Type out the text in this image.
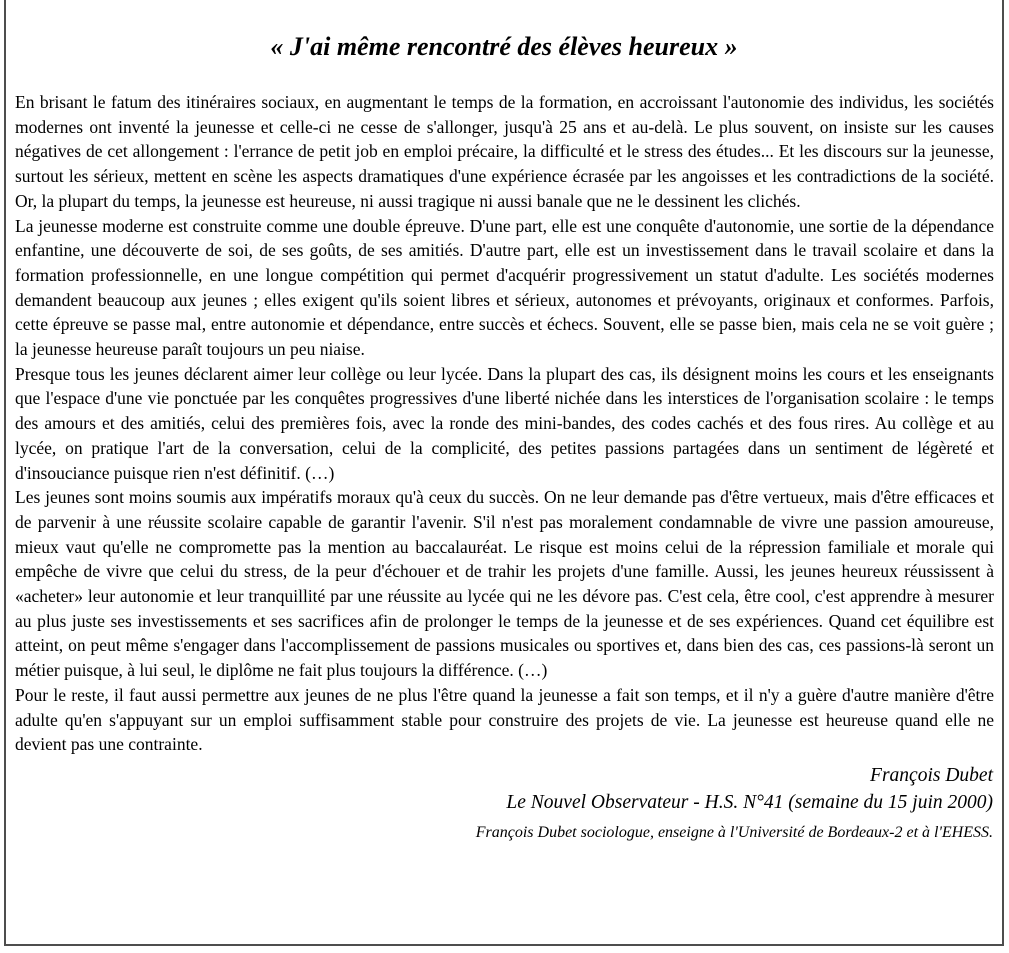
« J'ai même rencontré des élèves heureux »

En brisant le fatum des itinéraires sociaux, en augmentant le temps de la formation, en accroissant l'autonomie des individus, les sociétés modernes ont inventé la jeunesse et celle-ci ne cesse de s'allonger, jusqu'à 25 ans et au-delà. Le plus souvent, on insiste sur les causes négatives de cet allongement : l'errance de petit job en emploi précaire, la difficulté et le stress des études... Et les discours sur la jeunesse, surtout les sérieux, mettent en scène les aspects dramatiques d'une expérience écrasée par les angoisses et les contradictions de la société. Or, la plupart du temps, la jeunesse est heureuse, ni aussi tragique ni aussi banale que ne le dessinent les clichés.

La jeunesse moderne est construite comme une double épreuve. D'une part, elle est une conquête d'autonomie, une sortie de la dépendance enfantine, une découverte de soi, de ses goûts, de ses amitiés. D'autre part, elle est un investissement dans le travail scolaire et dans la formation professionnelle, en une longue compétition qui permet d'acquérir progressivement un statut d'adulte. Les sociétés modernes demandent beaucoup aux jeunes ; elles exigent qu'ils soient libres et sérieux, autonomes et prévoyants, originaux et conformes. Parfois, cette épreuve se passe mal, entre autonomie et dépendance, entre succès et échecs. Souvent, elle se passe bien, mais cela ne se voit guère ; la jeunesse heureuse paraît toujours un peu niaise.

Presque tous les jeunes déclarent aimer leur collège ou leur lycée. Dans la plupart des cas, ils désignent moins les cours et les enseignants que l'espace d'une vie ponctuée par les conquêtes progressives d'une liberté nichée dans les interstices de l'organisation scolaire : le temps des amours et des amitiés, celui des premières fois, avec la ronde des mini-bandes, des codes cachés et des fous rires. Au collège et au lycée, on pratique l'art de la conversation, celui de la complicité, des petites passions partagées dans un sentiment de légèreté et d'insouciance puisque rien n'est définitif. (…)

Les jeunes sont moins soumis aux impératifs moraux qu'à ceux du succès. On ne leur demande pas d'être vertueux, mais d'être efficaces et de parvenir à une réussite scolaire capable de garantir l'avenir. S'il n'est pas moralement condamnable de vivre une passion amoureuse, mieux vaut qu'elle ne compromette pas la mention au baccalauréat. Le risque est moins celui de la répression familiale et morale qui empêche de vivre que celui du stress, de la peur d'échouer et de trahir les projets d'une famille. Aussi, les jeunes heureux réussissent à «acheter» leur autonomie et leur tranquillité par une réussite au lycée qui ne les dévore pas. C'est cela, être cool, c'est apprendre à mesurer au plus juste ses investissements et ses sacrifices afin de prolonger le temps de la jeunesse et de ses expériences. Quand cet équilibre est atteint, on peut même s'engager dans l'accomplissement de passions musicales ou sportives et, dans bien des cas, ces passions-là seront un métier puisque, à lui seul, le diplôme ne fait plus toujours la différence. (…)

Pour le reste, il faut aussi permettre aux jeunes de ne plus l'être quand la jeunesse a fait son temps, et il n'y a guère d'autre manière d'être adulte qu'en s'appuyant sur un emploi suffisamment stable pour construire des projets de vie. La jeunesse est heureuse quand elle ne devient pas une contrainte.

François Dubet
Le Nouvel Observateur - H.S. N°41 (semaine du 15 juin 2000)
François Dubet sociologue, enseigne à l'Université de Bordeaux-2 et à l'EHESS.
